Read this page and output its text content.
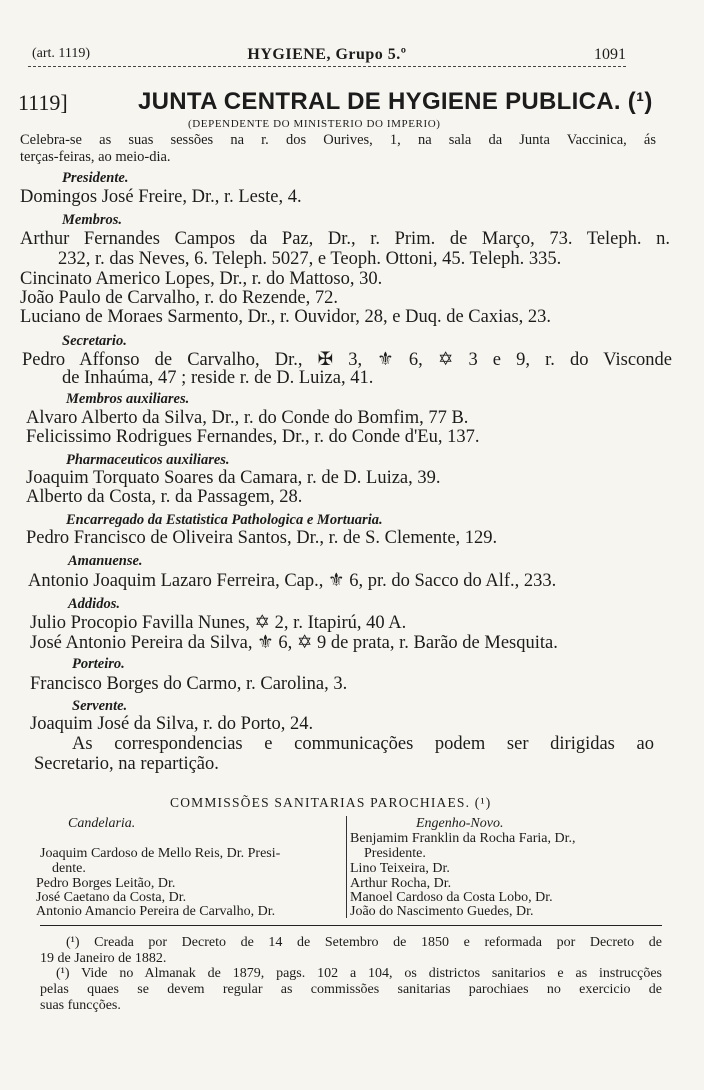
(art. 1119)	HYGIENE, Grupo 5.º	1091
1119]	JUNTA CENTRAL DE HYGIENE PUBLICA. (¹)
(DEPENDENTE DO MINISTERIO DO IMPERIO)
Celebra-se as suas sessões na r. dos Ourives, 1, na sala da Junta Vaccinica, ás
terças-feiras, ao meio-dia.
Presidente.
Domingos José Freire, Dr., r. Leste, 4.
Membros.
Arthur Fernandes Campos da Paz, Dr., r. Prim. de Março, 73. Teleph. n.
232, r. das Neves, 6. Teleph. 5027, e Teoph. Ottoni, 45. Teleph. 335.
Cincinato Americo Lopes, Dr., r. do Mattoso, 30.
João Paulo de Carvalho, r. do Rezende, 72.
Luciano de Moraes Sarmento, Dr., r. Ouvidor, 28, e Duq. de Caxias, 23.
Secretario.
Pedro Affonso de Carvalho, Dr., ✠ 3, ⚜ 6, ✡ 3 e 9, r. do Visconde
de Inhaúma, 47 ; reside r. de D. Luiza, 41.
Membros auxiliares.
Alvaro Alberto da Silva, Dr., r. do Conde do Bomfim, 77 B.
Felicissimo Rodrigues Fernandes, Dr., r. do Conde d'Eu, 137.
Pharmaceuticos auxiliares.
Joaquim Torquato Soares da Camara, r. de D. Luiza, 39.
Alberto da Costa, r. da Passagem, 28.
Encarregado da Estatistica Pathologica e Mortuaria.
Pedro Francisco de Oliveira Santos, Dr., r. de S. Clemente, 129.
Amanuense.
Antonio Joaquim Lazaro Ferreira, Cap., ⚜ 6, pr. do Sacco do Alf., 233.
Addidos.
Julio Procopio Favilla Nunes, ✡ 2, r. Itapirú, 40 A.
José Antonio Pereira da Silva, ⚜ 6, ✡ 9 de prata, r. Barão de Mesquita.
Porteiro.
Francisco Borges do Carmo, r. Carolina, 3.
Servente.
Joaquim José da Silva, r. do Porto, 24.
As correspondencias e communicações podem ser dirigidas ao
Secretario, na repartição.
COMMISSÕES SANITARIAS PAROCHIAES. (¹)
Candelaria.
Joaquim Cardoso de Mello Reis, Dr. Presi-
dente.
Pedro Borges Leitão, Dr.
José Caetano da Costa, Dr.
Antonio Amancio Pereira de Carvalho, Dr.
Engenho-Novo.
Benjamim Franklin da Rocha Faria, Dr.,
Presidente.
Lino Teixeira, Dr.
Arthur Rocha, Dr.
Manoel Cardoso da Costa Lobo, Dr.
João do Nascimento Guedes, Dr.
(¹) Creada por Decreto de 14 de Setembro de 1850 e reformada por Decreto de
19 de Janeiro de 1882.
(¹) Vide no Almanak de 1879, pags. 102 a 104, os districtos sanitarios e as instrucções
pelas quaes se devem regular as commissões sanitarias parochiaes no exercicio de
suas funcções.
